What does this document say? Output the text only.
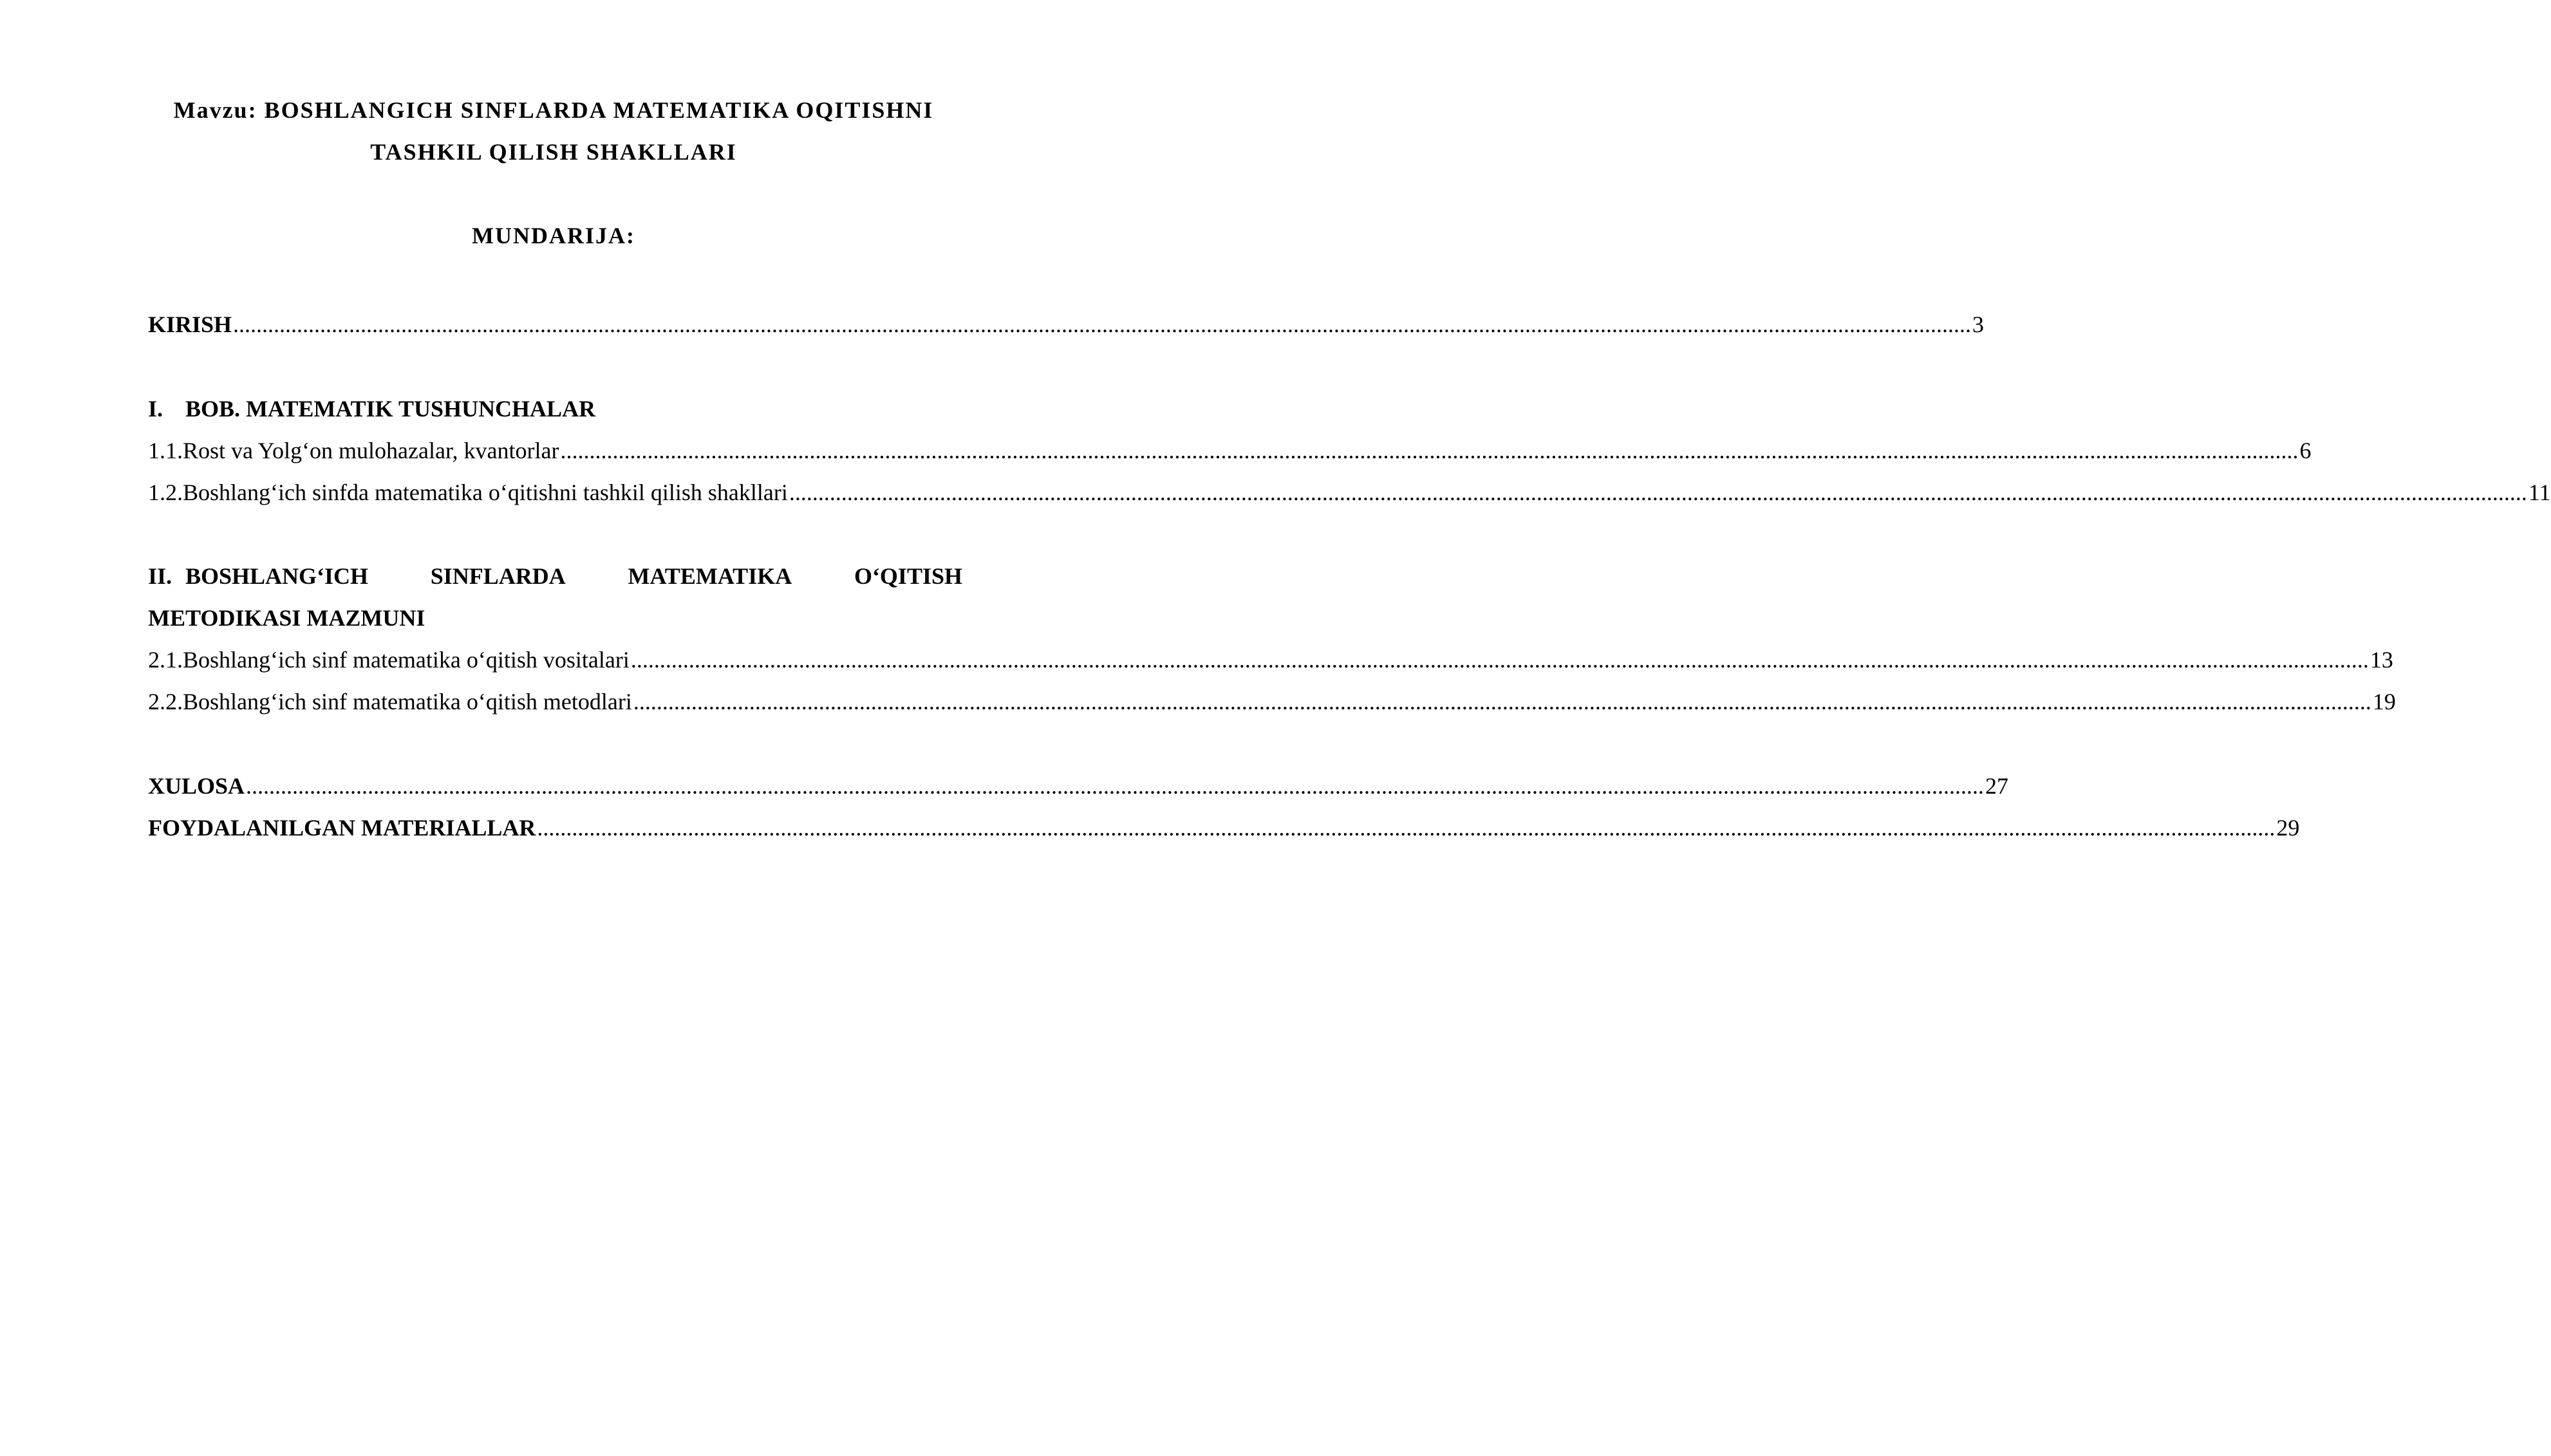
Mavzu: BOSHLANGICH SINFLARDA MATEMATIKA OQITISHNI
TASHKIL QILISH SHAKLLARI
MUNDARIJA:
KIRISH ............................................................................................................................................................................................................................................................................................................ 3
I. BOB. MATEMATIK TUSHUNCHALAR
1.1.Rost va Yolg‘on mulohazalar, kvantorlar ............................................................................................................................................................................................................................................................................................................ 6
1.2.Boshlang‘ich sinfda matematika o‘qitishni tashkil qilish shakllari ............................................................................................................................................................................................................................................................................................................ 11
II. BOSHLANG‘ICH	SINFLARDA	MATEMATIKA	O‘QITISH
METODIKASI MAZMUNI
2.1.Boshlang‘ich sinf matematika o‘qitish vositalari ............................................................................................................................................................................................................................................................................................................ 13
2.2.Boshlang‘ich sinf matematika o‘qitish metodlari ............................................................................................................................................................................................................................................................................................................ 19
XULOSA ............................................................................................................................................................................................................................................................................................................ 27
FOYDALANILGAN MATERIALLAR ............................................................................................................................................................................................................................................................................................................ 29
